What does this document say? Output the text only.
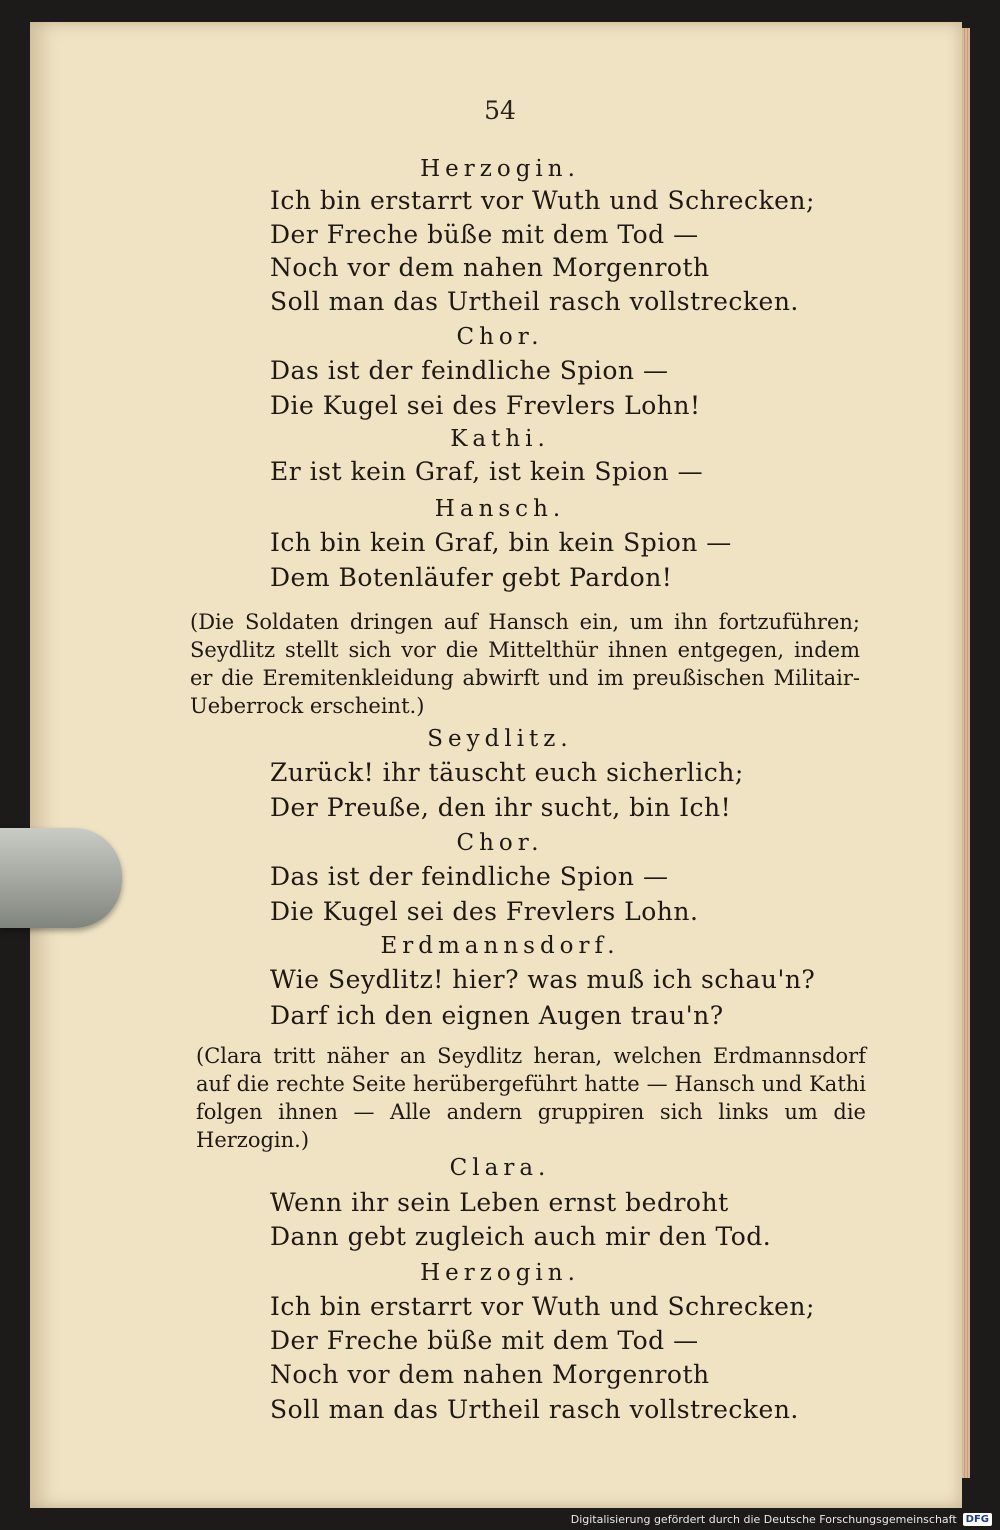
54
Herzogin.
Ich bin erstarrt vor Wuth und Schrecken;
Der Freche büße mit dem Tod —
Noch vor dem nahen Morgenroth
Soll man das Urtheil rasch vollstrecken.
Chor.
Das ist der feindliche Spion —
Die Kugel sei des Frevlers Lohn!
Kathi.
Er ist kein Graf, ist kein Spion —
Hansch.
Ich bin kein Graf, bin kein Spion —
Dem Botenläufer gebt Pardon!
(Die Soldaten dringen auf Hansch ein, um ihn fortzuführen; Seydlitz stellt sich vor die Mittelthür ihnen entgegen, indem er die Eremitenkleidung abwirft und im preußischen Militair-Ueberrock erscheint.)
Seydlitz.
Zurück! ihr täuscht euch sicherlich;
Der Preuße, den ihr sucht, bin Ich!
Chor.
Das ist der feindliche Spion —
Die Kugel sei des Frevlers Lohn.
Erdmannsdorf.
Wie Seydlitz! hier? was muß ich schau'n?
Darf ich den eignen Augen trau'n?
(Clara tritt näher an Seydlitz heran, welchen Erdmannsdorf auf die rechte Seite herübergeführt hatte — Hansch und Kathi folgen ihnen — Alle andern gruppiren sich links um die Herzogin.)
Clara.
Wenn ihr sein Leben ernst bedroht
Dann gebt zugleich auch mir den Tod.
Herzogin.
Ich bin erstarrt vor Wuth und Schrecken;
Der Freche büße mit dem Tod —
Noch vor dem nahen Morgenroth
Soll man das Urtheil rasch vollstrecken.
Digitalisierung gefördert durch die Deutsche Forschungsgemeinschaft DFG
